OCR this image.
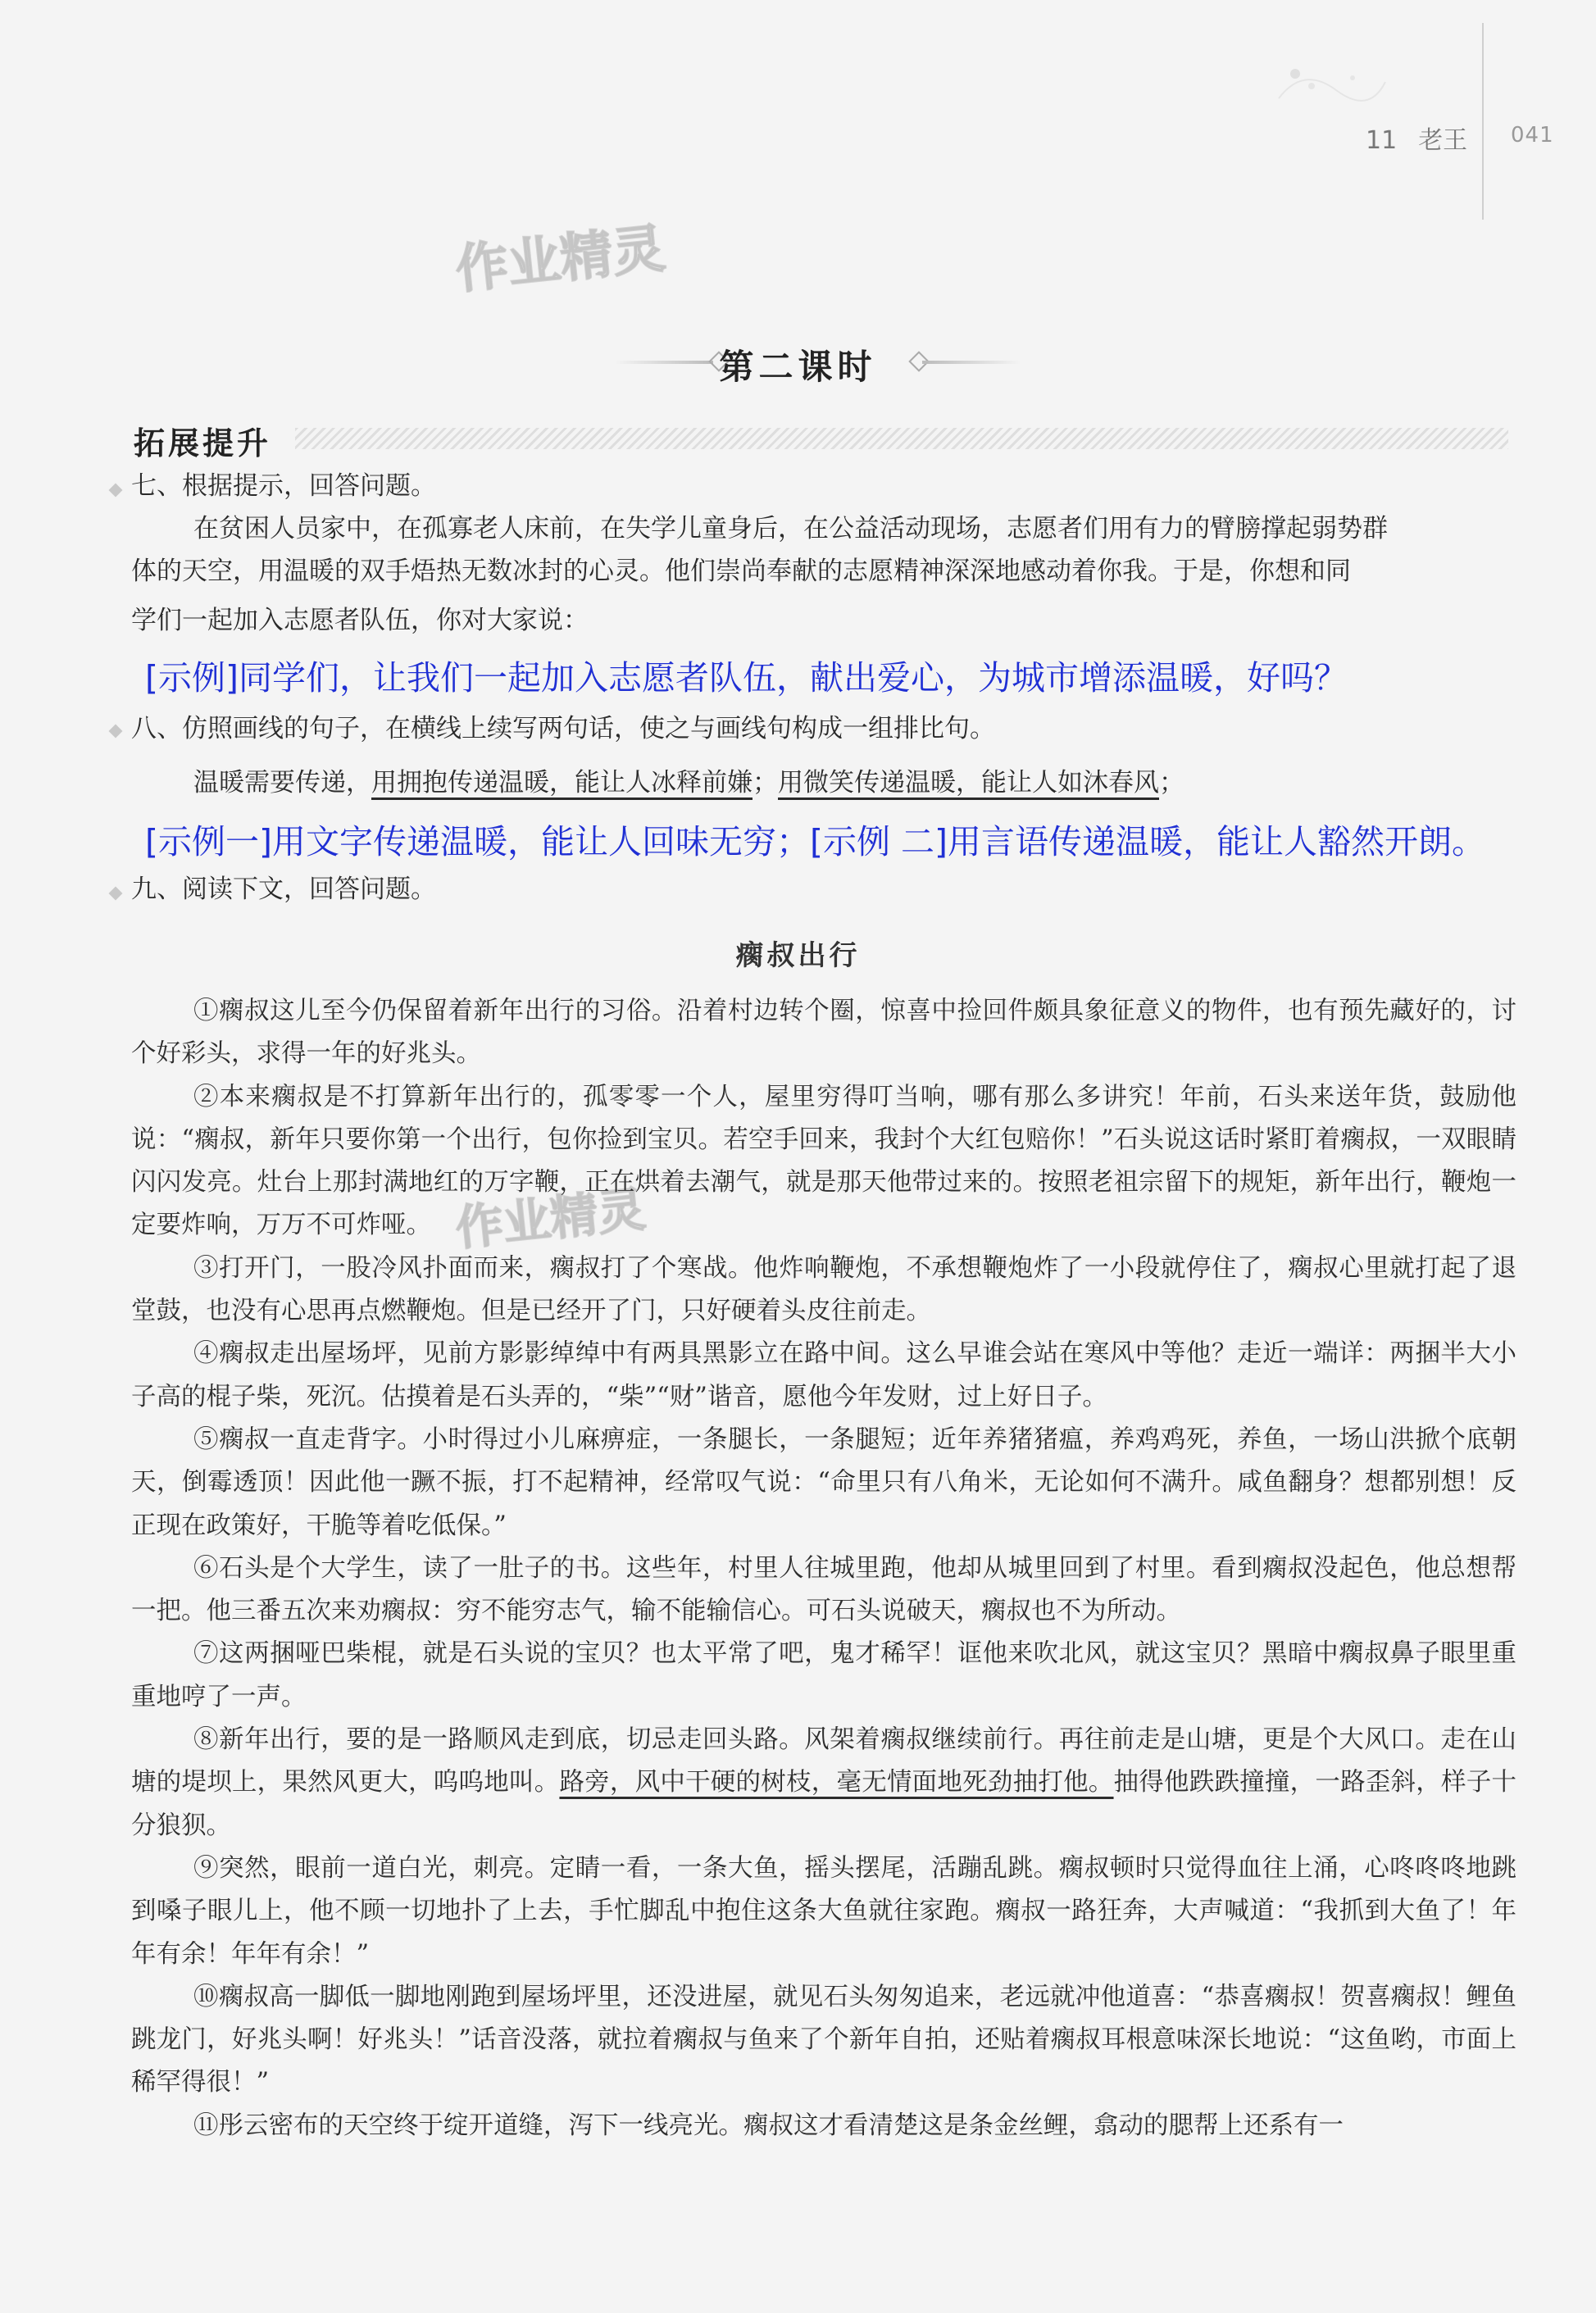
11 老王 041
作业精灵
作业精灵
第二课时
拓展提升
七、根据提示，回答问题。
在贫困人员家中，在孤寡老人床前，在失学儿童身后，在公益活动现场，志愿者们用有力的臂膀撑起弱势群
体的天空，用温暖的双手焐热无数冰封的心灵。他们崇尚奉献的志愿精神深深地感动着你我。于是，你想和同
学们一起加入志愿者队伍，你对大家说：
[示例]同学们，让我们一起加入志愿者队伍，献出爱心，为城市增添温暖，好吗？
八、仿照画线的句子，在横线上续写两句话，使之与画线句构成一组排比句。
温暖需要传递，用拥抱传递温暖，能让人冰释前嫌；用微笑传递温暖，能让人如沐春风；
[示例一]用文字传递温暖，能让人回味无穷；[示例 二]用言语传递温暖，能让人豁然开朗。
九、阅读下文，回答问题。
瘸叔出行

①瘸叔这儿至今仍保留着新年出行的习俗。沿着村边转个圈，惊喜中捡回件颇具象征意义的物件，也有预先藏好的，讨个好彩头，求得一年的好兆头。

②本来瘸叔是不打算新年出行的，孤零零一个人，屋里穷得叮当响，哪有那么多讲究！年前，石头来送年货，鼓励他说：“瘸叔，新年只要你第一个出行，包你捡到宝贝。若空手回来，我封个大红包赔你！”石头说这话时紧盯着瘸叔，一双眼睛闪闪发亮。灶台上那封满地红的万字鞭，正在烘着去潮气，就是那天他带过来的。按照老祖宗留下的规矩，新年出行，鞭炮一定要炸响，万万不可炸哑。

③打开门，一股冷风扑面而来，瘸叔打了个寒战。他炸响鞭炮，不承想鞭炮炸了一小段就停住了，瘸叔心里就打起了退堂鼓，也没有心思再点燃鞭炮。但是已经开了门，只好硬着头皮往前走。

④瘸叔走出屋场坪，见前方影影绰绰中有两具黑影立在路中间。这么早谁会站在寒风中等他？走近一端详：两捆半大小子高的棍子柴，死沉。估摸着是石头弄的，“柴”“财”谐音，愿他今年发财，过上好日子。

⑤瘸叔一直走背字。小时得过小儿麻痹症，一条腿长，一条腿短；近年养猪猪瘟，养鸡鸡死，养鱼，一场山洪掀个底朝天，倒霉透顶！因此他一蹶不振，打不起精神，经常叹气说：“命里只有八角米，无论如何不满升。咸鱼翻身？想都别想！反正现在政策好，干脆等着吃低保。”

⑥石头是个大学生，读了一肚子的书。这些年，村里人往城里跑，他却从城里回到了村里。看到瘸叔没起色，他总想帮一把。他三番五次来劝瘸叔：穷不能穷志气，输不能输信心。可石头说破天，瘸叔也不为所动。

⑦这两捆哑巴柴棍，就是石头说的宝贝？也太平常了吧，鬼才稀罕！诓他来吹北风，就这宝贝？黑暗中瘸叔鼻子眼里重重地哼了一声。

⑧新年出行，要的是一路顺风走到底，切忌走回头路。风架着瘸叔继续前行。再往前走是山塘，更是个大风口。走在山塘的堤坝上，果然风更大，呜呜地叫。路旁，风中干硬的树枝，毫无情面地死劲抽打他。抽得他跌跌撞撞，一路歪斜，样子十分狼狈。

⑨突然，眼前一道白光，刺亮。定睛一看，一条大鱼，摇头摆尾，活蹦乱跳。瘸叔顿时只觉得血往上涌，心咚咚咚地跳到嗓子眼儿上，他不顾一切地扑了上去，手忙脚乱中抱住这条大鱼就往家跑。瘸叔一路狂奔，大声喊道：“我抓到大鱼了！年年有余！年年有余！”

⑩瘸叔高一脚低一脚地刚跑到屋场坪里，还没进屋，就见石头匆匆追来，老远就冲他道喜：“恭喜瘸叔！贺喜瘸叔！鲤鱼跳龙门，好兆头啊！好兆头！”话音没落，就拉着瘸叔与鱼来了个新年自拍，还贴着瘸叔耳根意味深长地说：“这鱼哟，市面上稀罕得很！”

⑪彤云密布的天空终于绽开道缝，泻下一线亮光。瘸叔这才看清楚这是条金丝鲤，翕动的腮帮上还系有一
